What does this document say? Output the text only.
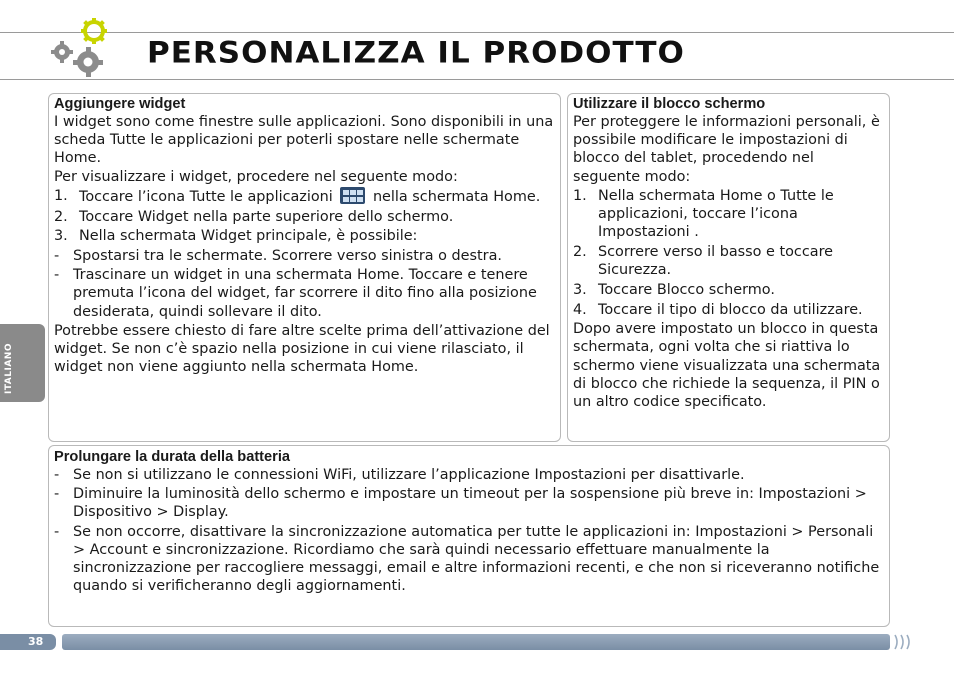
PERSONALIZZA IL PRODOTTO
ITALIANO
Aggiungere widget

I widget sono come finestre sulle applicazioni. Sono disponibili in una scheda Tutte le applicazioni per poterli spostare nelle schermate Home.

Per visualizzare i widget, procedere nel seguente modo:

1. Toccare l’icona Tutte le applicazioni	nella schermata Home.
2. Toccare Widget nella parte superiore dello schermo.
3. Nella schermata Widget principale, è possibile:
- Spostarsi tra le schermate. Scorrere verso sinistra o destra.
- Trascinare un widget in una schermata Home. Toccare e tenere premuta l’icona del widget, far scorrere il dito fino alla posizione desiderata, quindi sollevare il dito.

Potrebbe essere chiesto di fare altre scelte prima dell’attivazione del widget. Se non c’è spazio nella posizione in cui viene rilasciato, il widget non viene aggiunto nella schermata Home.

Utilizzare il blocco schermo

Per proteggere le informazioni personali, è possibile modificare le impostazioni di blocco del tablet, procedendo nel seguente modo:

1. Nella schermata Home o Tutte le applicazioni, toccare l’icona Impostazioni .
2. Scorrere verso il basso e toccare Sicurezza.
3. Toccare Blocco schermo.
4. Toccare il tipo di blocco da utilizzare.

Dopo avere impostato un blocco in questa schermata, ogni volta che si riattiva lo schermo viene visualizzata una schermata di blocco che richiede la sequenza, il PIN o un altro codice specificato.

Prolungare la durata della batteria
- Se non si utilizzano le connessioni WiFi, utilizzare l’applicazione Impostazioni per disattivarle.
- Diminuire la luminosità dello schermo e impostare un timeout per la sospensione più breve in: Impostazioni > Dispositivo > Display.
- Se non occorre, disattivare la sincronizzazione automatica per tutte le applicazioni in: Impostazioni > Personali > Account e sincronizzazione. Ricordiamo che sarà quindi necessario effettuare manualmente la sincronizzazione per raccogliere messaggi, email e altre informazioni recenti, e che non si riceveranno notifiche quando si verificheranno degli aggiornamenti.
38
